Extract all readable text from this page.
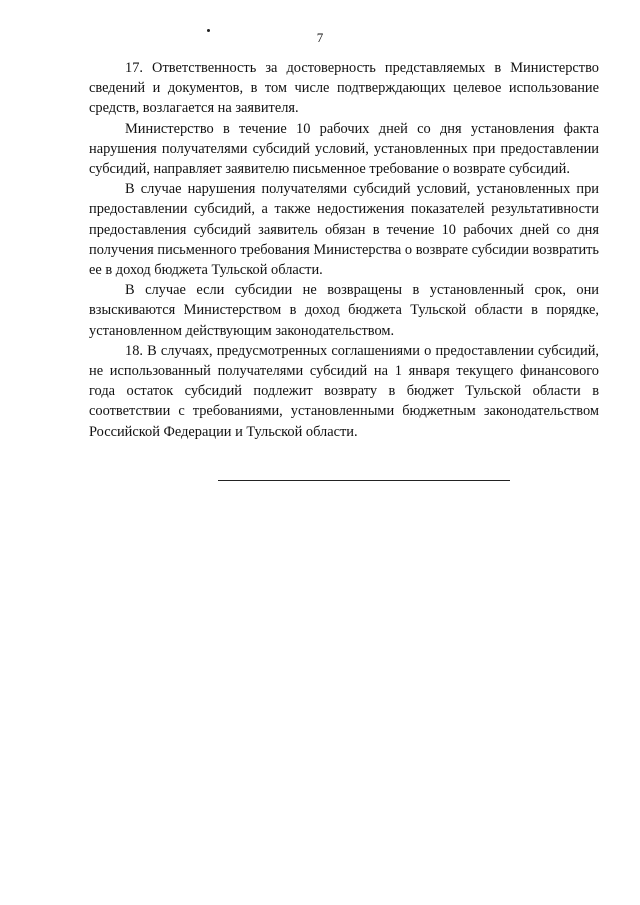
7

17. Ответственность за достоверность представляемых в Министерство сведений и документов, в том числе подтверждающих целевое использование средств, возлагается на заявителя.

Министерство в течение 10 рабочих дней со дня установления факта нарушения получателями субсидий условий, установленных при предоставлении субсидий, направляет заявителю письменное требование о возврате субсидий.

В случае нарушения получателями субсидий условий, установленных при предоставлении субсидий, а также недостижения показателей результативности предоставления субсидий заявитель обязан в течение 10 рабочих дней со дня получения письменного требования Министерства о возврате субсидии возвратить ее в доход бюджета Тульской области.

В случае если субсидии не возвращены в установленный срок, они взыскиваются Министерством в доход бюджета Тульской области в порядке, установленном действующим законодательством.

18. В случаях, предусмотренных соглашениями о предоставлении субсидий, не использованный получателями субсидий на 1 января текущего финансового года остаток субсидий подлежит возврату в бюджет Тульской области в соответствии с требованиями, установленными бюджетным законодательством Российской Федерации и Тульской области.
